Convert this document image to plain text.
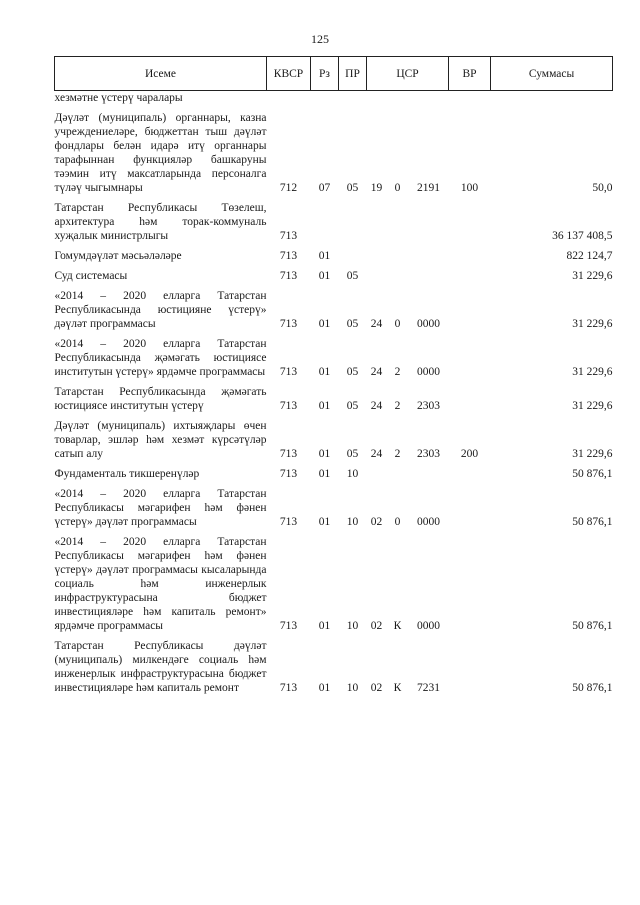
125
Исеме	КВСР	Рз	ПР	ЦСР			ВР	Суммасы
хезмәтне үстерү чаралары								

Дәүләт (муниципаль) органнары, казна учреждениеләре, бюджеттан тыш дәүләт фондлары белән идарә итү органнары тарафыннан функцияләр башкаруны тәэмин итү максатларында персоналга түләү чыгымнары	712	07	05	19	0	2191	100	50,0

Татарстан Республикасы Төзелеш, архитектура һәм торак-коммуналь хуҗалык министрлыгы	713							36 137 408,5

Гомумдәүләт мәсьәләләре	713	01						822 124,7

Суд системасы	713	01	05					31 229,6

«2014 – 2020 елларга Татарстан Республикасында юстицияне үстерү» дәүләт программасы	713	01	05	24	0	0000		31 229,6

«2014 – 2020 елларга Татарстан Республикасында җәмәгать юстициясе институтын үстерү» ярдәмче программасы	713	01	05	24	2	0000		31 229,6

Татарстан Республикасында җәмәгать юстициясе институтын үстерү	713	01	05	24	2	2303		31 229,6

Дәүләт (муниципаль) ихтыяҗлары өчен товарлар, эшләр һәм хезмәт күрсәтүләр сатып алу	713	01	05	24	2	2303	200	31 229,6

Фундаменталь тикшеренүләр	713	01	10					50 876,1

«2014 – 2020 елларга Татарстан Республикасы мәгарифен һәм фәнен үстерү» дәүләт программасы	713	01	10	02	0	0000		50 876,1

«2014 – 2020 елларга Татарстан Республикасы мәгарифен һәм фәнен үстерү» дәүләт программасы кысаларында социаль һәм инженерлык инфраструктурасына бюджет инвестицияләре һәм капиталь ремонт» ярдәмче программасы	713	01	10	02	К	0000		50 876,1

Татарстан Республикасы дәүләт (муниципаль) милкендәге социаль һәм инженерлык инфраструктурасына бюджет инвестицияләре һәм капиталь ремонт	713	01	10	02	К	7231		50 876,1
